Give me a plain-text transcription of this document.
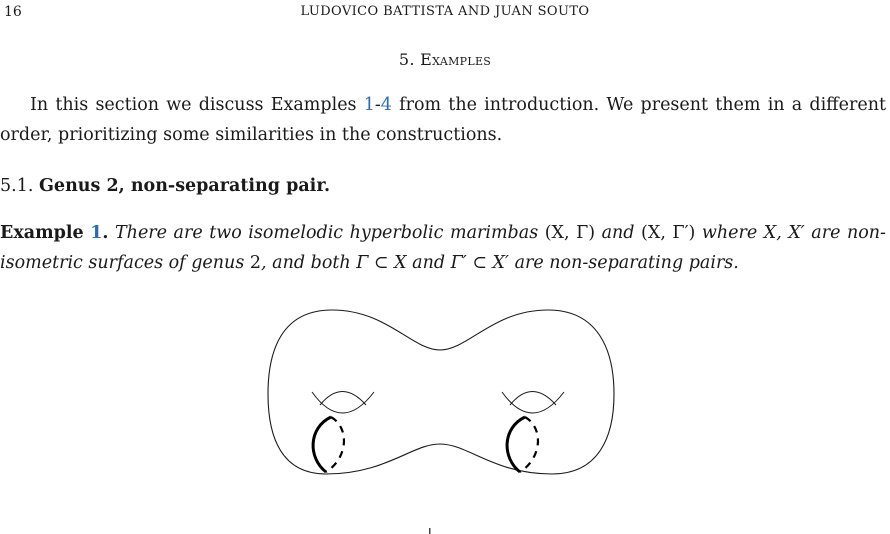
16	LUDOVICO BATTISTA AND JUAN SOUTO
5. Examples
In this section we discuss Examples 1-4 from the introduction. We present them in a different order, prioritizing some similarities in the constructions.
5.1. Genus 2, non-separating pair.
Example 1. There are two isomelodic hyperbolic marimbas (X, Γ) and (X, Γ′) where X, X′ are non-isometric surfaces of genus 2, and both Γ ⊂ X and Γ′ ⊂ X′ are non-separating pairs.
